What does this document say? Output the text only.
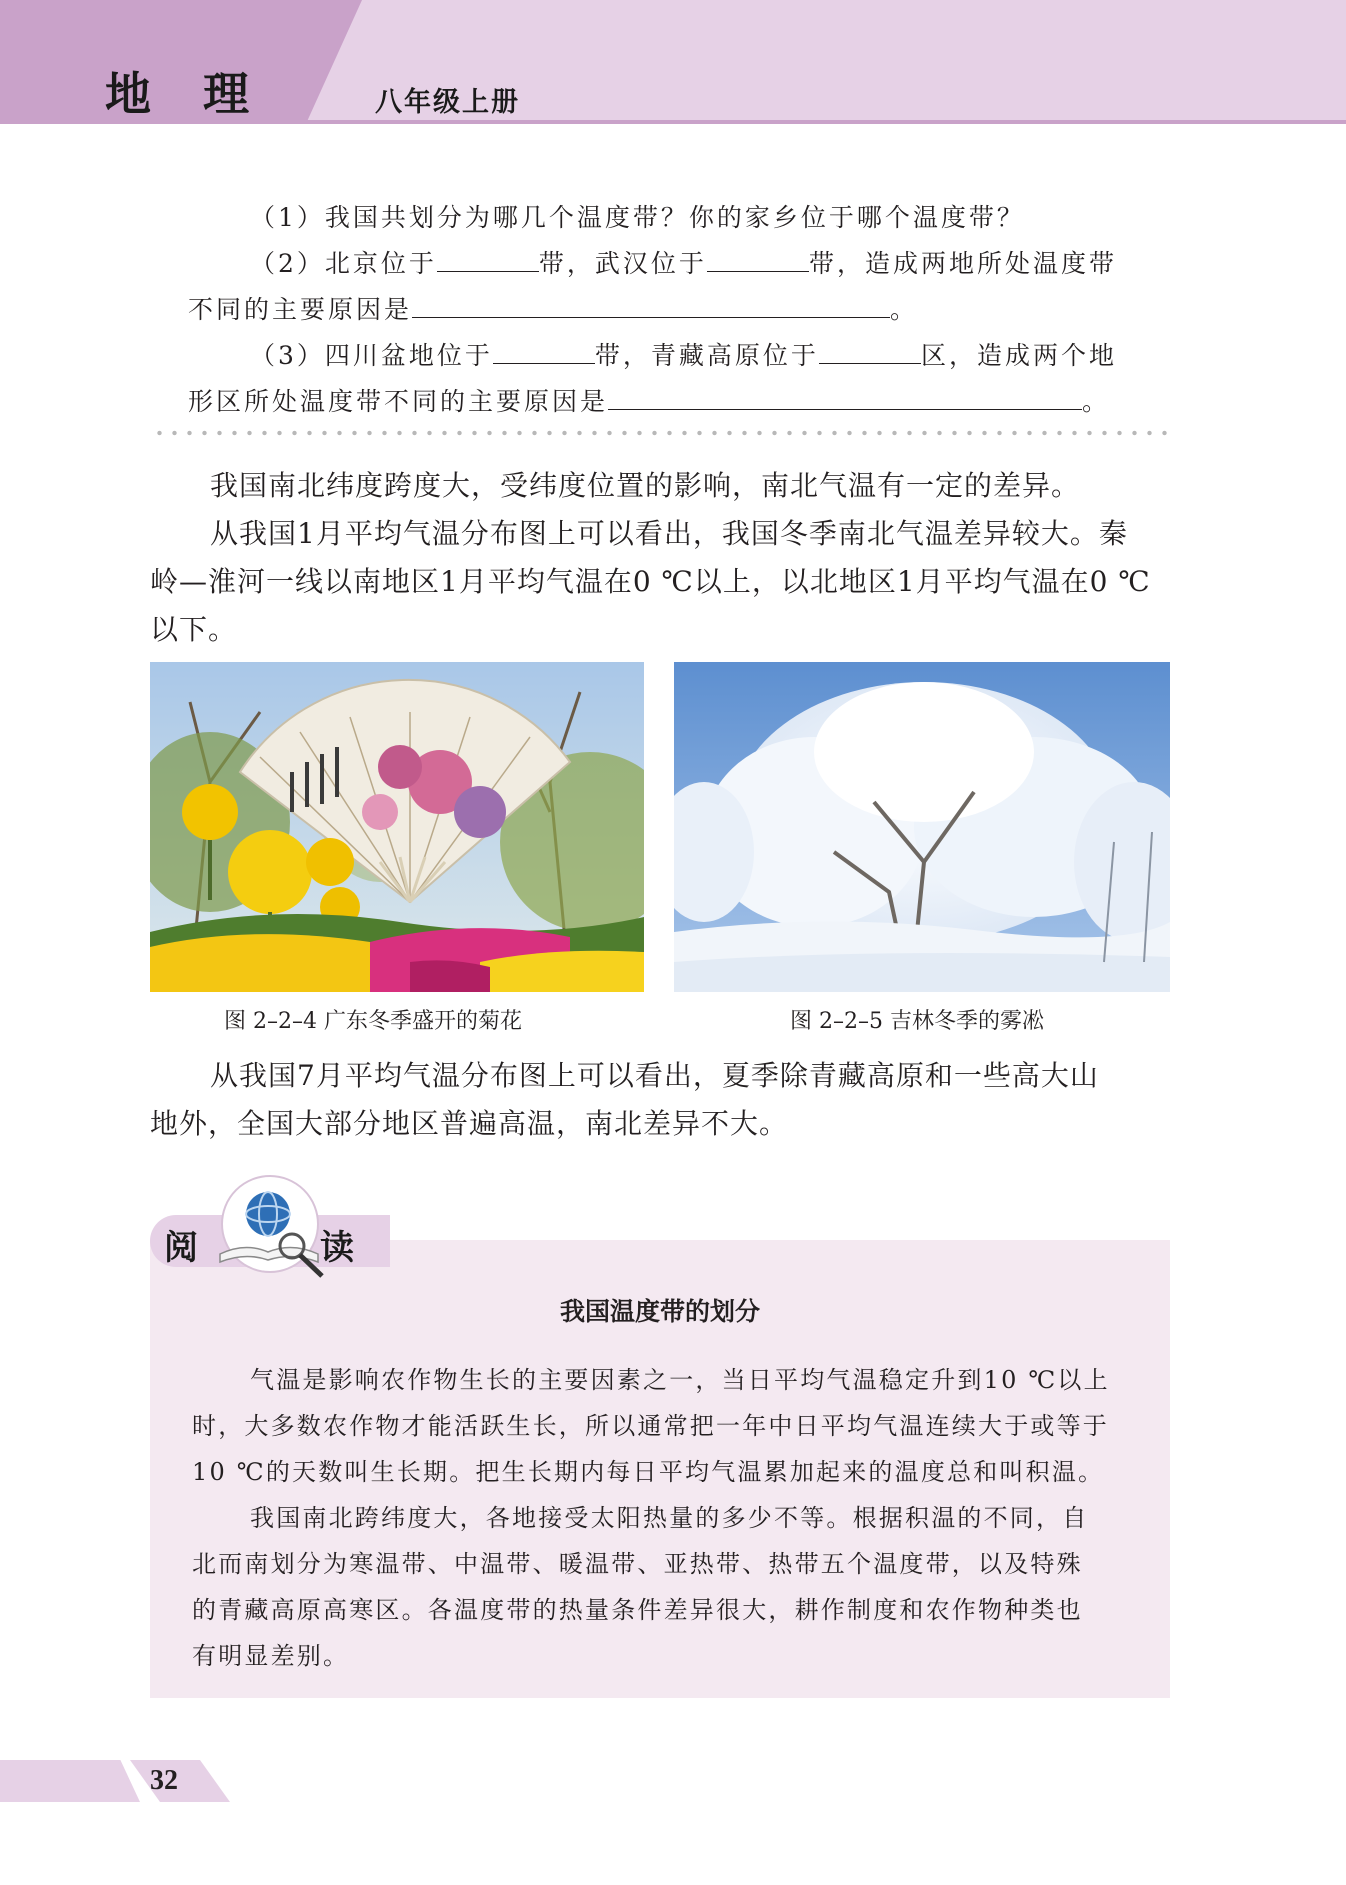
地 理	八年级上册
（1）我国共划分为哪几个温度带？你的家乡位于哪个温度带？
（2）北京位于	带，武汉位于	带，造成两地所处温度带
不同的主要原因是	。
（3）四川盆地位于	带，青藏高原位于	区，造成两个地
形区所处温度带不同的主要原因是	。
我国南北纬度跨度大，受纬度位置的影响，南北气温有一定的差异。
从我国1月平均气温分布图上可以看出，我国冬季南北气温差异较大。秦
岭—淮河一线以南地区1月平均气温在0 ℃以上，以北地区1月平均气温在0 ℃
以下。
图 2–2–4 广东冬季盛开的菊花	图 2–2–5 吉林冬季的雾凇
从我国7月平均气温分布图上可以看出，夏季除青藏高原和一些高大山
地外，全国大部分地区普遍高温，南北差异不大。
阅	读
我国温度带的划分
气温是影响农作物生长的主要因素之一，当日平均气温稳定升到10 ℃以上
时，大多数农作物才能活跃生长，所以通常把一年中日平均气温连续大于或等于
10 ℃的天数叫生长期。把生长期内每日平均气温累加起来的温度总和叫积温。
我国南北跨纬度大，各地接受太阳热量的多少不等。根据积温的不同，自
北而南划分为寒温带、中温带、暖温带、亚热带、热带五个温度带，以及特殊
的青藏高原高寒区。各温度带的热量条件差异很大，耕作制度和农作物种类也
有明显差别。
32
